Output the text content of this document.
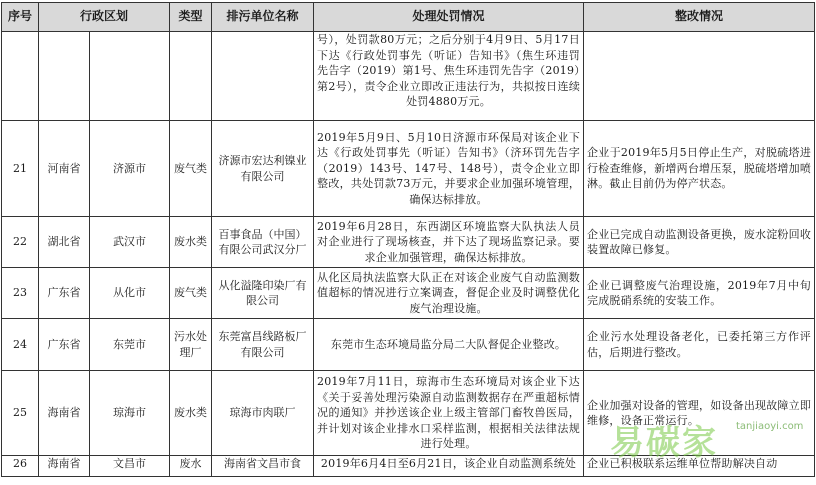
序号	行政区划		类型	排污单位名称	处理处罚情况	整改情况
					号），处罚款80万元；之后分别于4月9日、5月17日下达《行政处罚事先（听证）告知书》（焦生环违罚先告字（2019）第1号、焦生环违罚先告字（2019）第2号），责令企业立即改正违法行为，共拟按日连续处罚4880万元。	
21	河南省	济源市	废气类	济源市宏达利镍业有限公司	2019年5月9日、5月10日济源市环保局对该企业下达《行政处罚事先（听证）告知书》（济环罚先告字（2019）143号、147号、148号），责令企业立即整改，共处罚款73万元，并要求企业加强环境管理，确保达标排放。	企业于2019年5月5日停止生产，对脱硫塔进行检查维修，新增两台增压泵，脱硫塔增加喷淋。截止目前仍为停产状态。
22	湖北省	武汉市	废水类	百事食品（中国）有限公司武汉分厂	2019年6月28日，东西湖区环境监察大队执法人员对企业进行了现场核查，并下达了现场监察记录。要求企业加强管理，确保达标排放。	企业已完成自动监测设备更换，废水淀粉回收装置故障已修复。
23	广东省	从化市	废气类	从化溢隆印染厂有限公司	从化区局执法监察大队正在对该企业废气自动监测数值超标的情况进行立案调查，督促企业及时调整优化废气治理设施。	企业已调整废气治理设施，2019年7月中旬完成脱硝系统的安装工作。
24	广东省	东莞市	污水处理厂	东莞富昌线路板厂有限公司	东莞市生态环境局监分局二大队督促企业整改。	企业污水处理设备老化，已委托第三方作评估，后期进行整改。
25	海南省	琼海市	废水类	琼海市肉联厂	2019年7月11日，琼海市生态环境局对该企业下达《关于妥善处理污染源自动监测数据存在严重超标情况的通知》并抄送该企业上级主管部门畜牧兽医局，并计划对该企业排水口采样监测，根据相关法律法规进行处理。	企业加强对设备的管理，如设备出现故障立即维修，设备正常运行。
26	海南省	文昌市	废水	海南省文昌市食	2019年6月4日至6月21日，该企业自动监测系统处	企业已积极联系运维单位帮助解决自动
易碳家 tanjiaoyi.com
